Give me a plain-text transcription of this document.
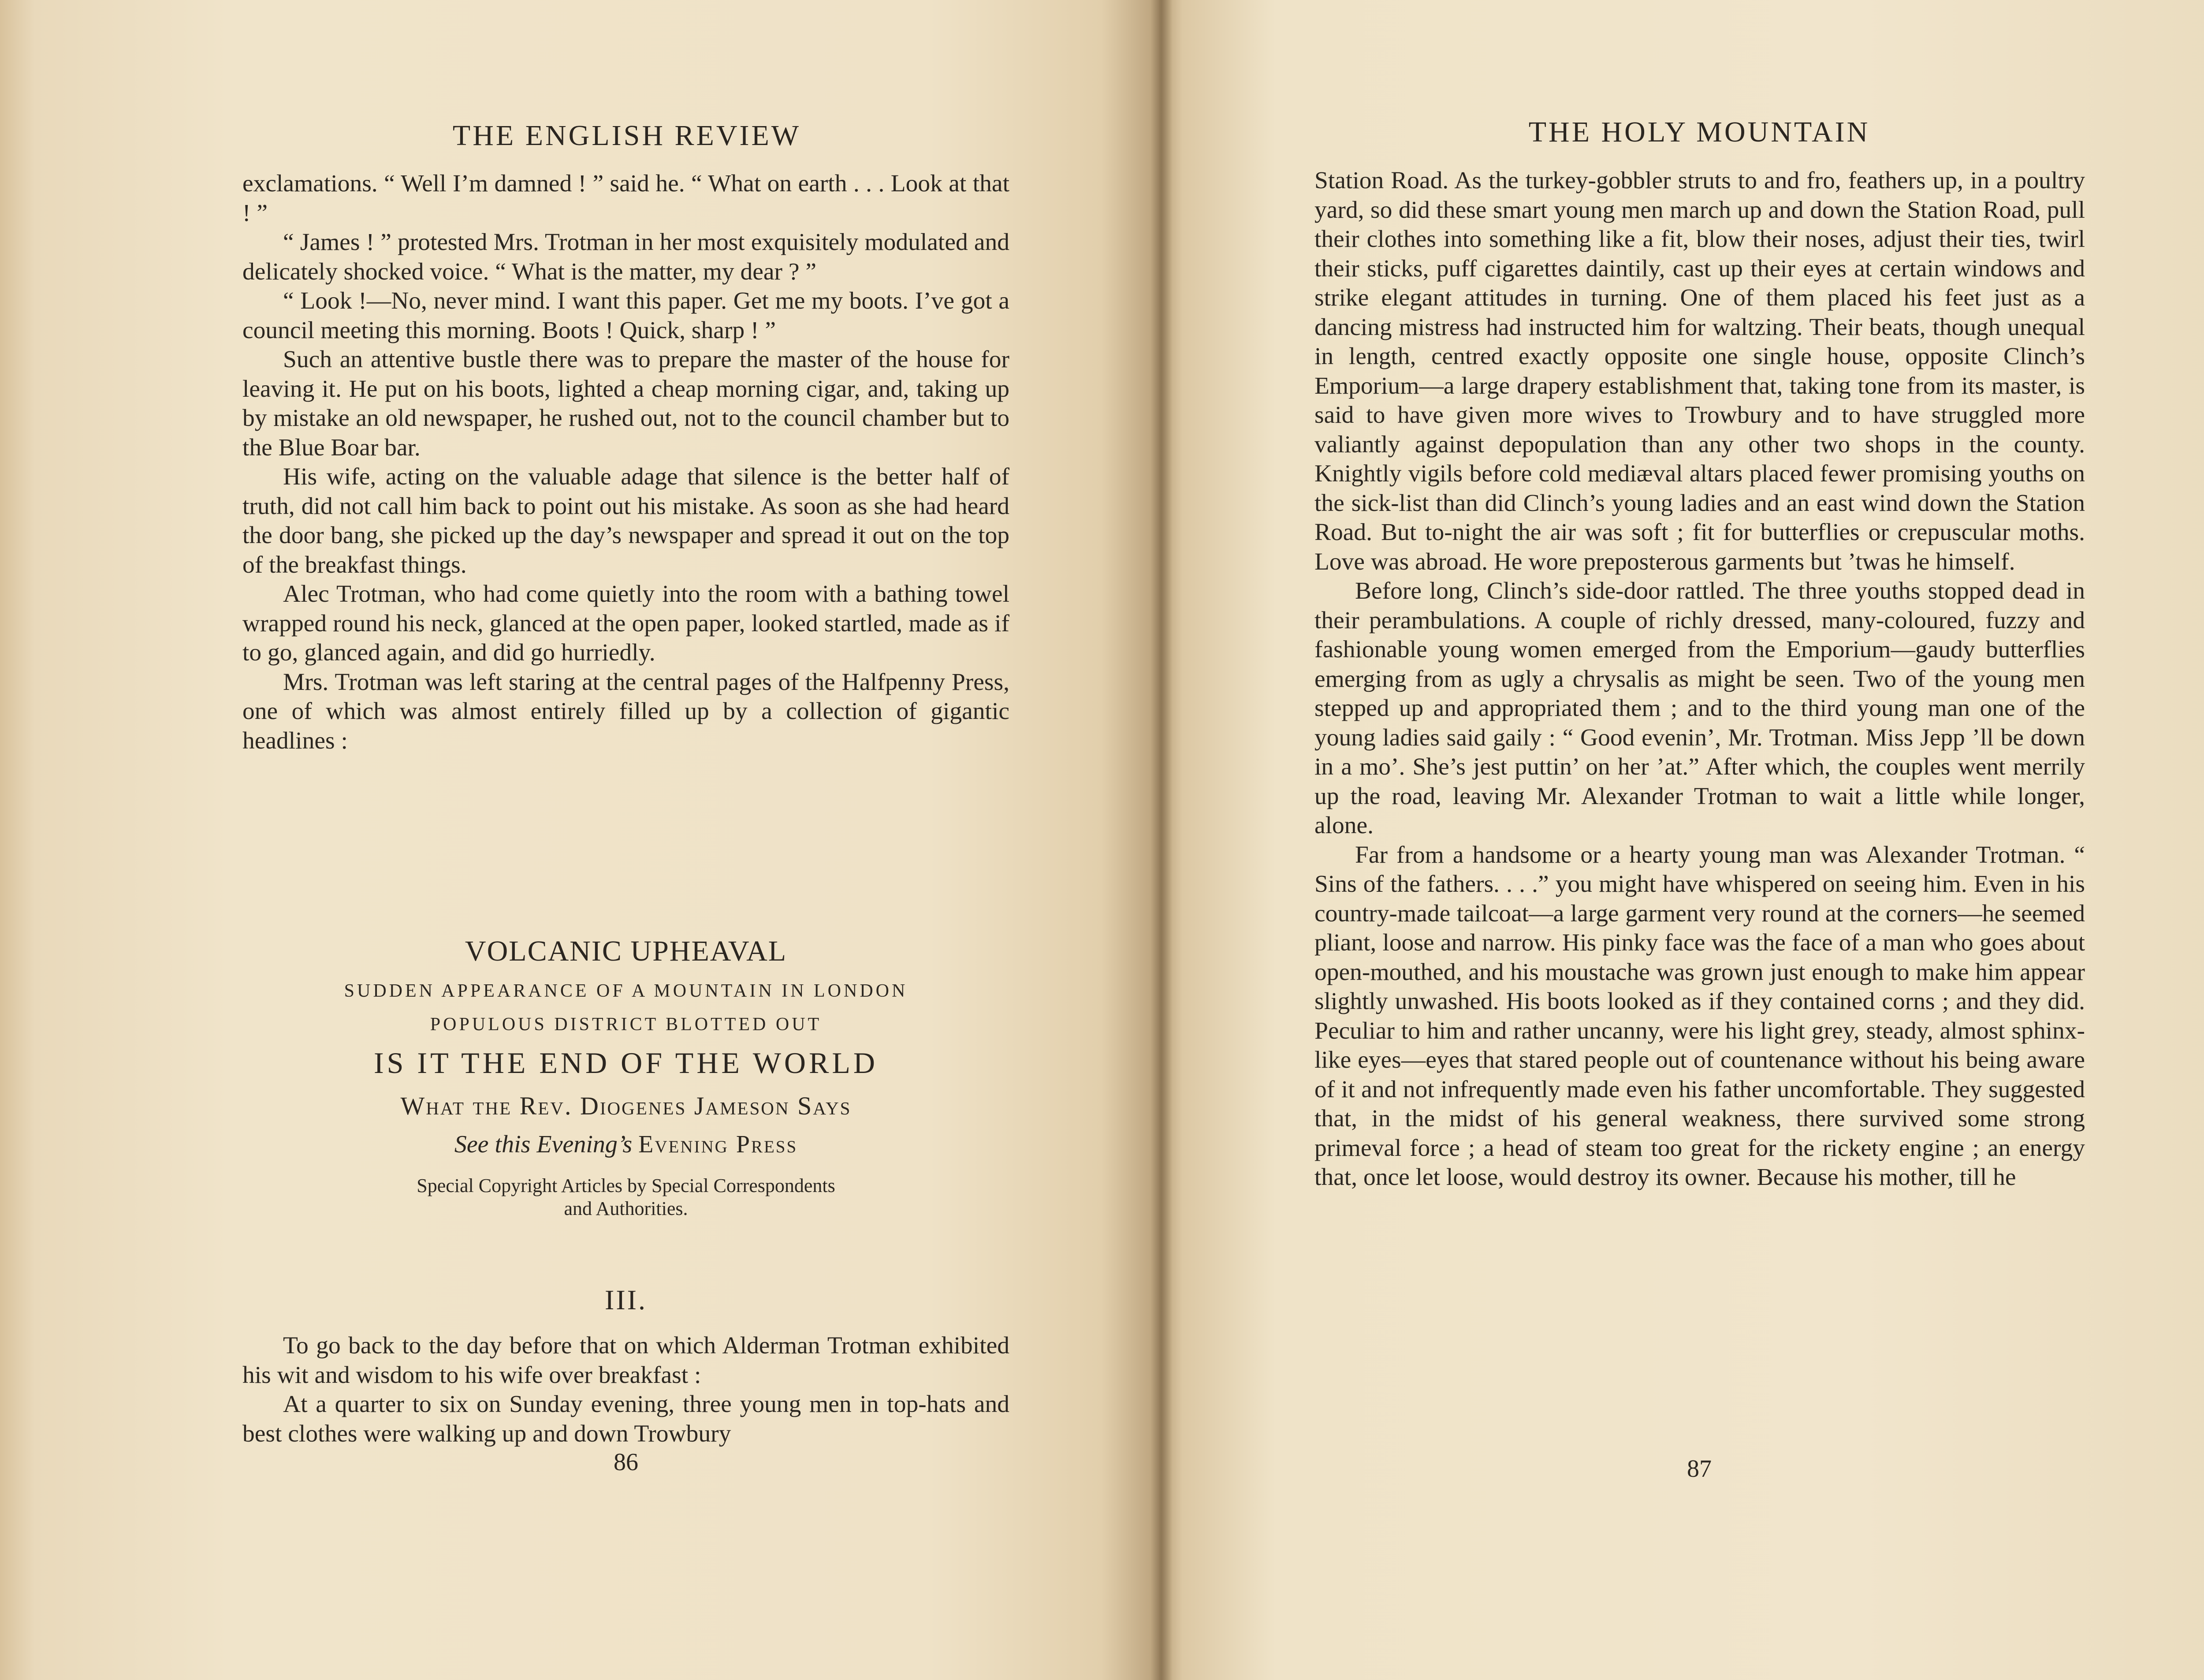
THE ENGLISH REVIEW

exclamations. “ Well I’m damned ! ” said he. “ What on earth . . . Look at that ! ”

“ James ! ” protested Mrs. Trotman in her most exquisitely modulated and delicately shocked voice. “ What is the matter, my dear ? ”

“ Look !—No, never mind. I want this paper. Get me my boots. I’ve got a council meeting this morning. Boots ! Quick, sharp ! ”

Such an attentive bustle there was to prepare the master of the house for leaving it. He put on his boots, lighted a cheap morning cigar, and, taking up by mistake an old newspaper, he rushed out, not to the council chamber but to the Blue Boar bar.

His wife, acting on the valuable adage that silence is the better half of truth, did not call him back to point out his mistake. As soon as she had heard the door bang, she picked up the day’s newspaper and spread it out on the top of the breakfast things.

Alec Trotman, who had come quietly into the room with a bathing towel wrapped round his neck, glanced at the open paper, looked startled, made as if to go, glanced again, and did go hurriedly.

Mrs. Trotman was left staring at the central pages of the Halfpenny Press, one of which was almost entirely filled up by a collection of gigantic headlines :

VOLCANIC UPHEAVAL
SUDDEN APPEARANCE OF A MOUNTAIN IN LONDON
POPULOUS DISTRICT BLOTTED OUT
IS IT THE END OF THE WORLD
What the Rev. Diogenes Jameson Says
See this Evening’s Evening Press
Special Copyright Articles by Special Correspondents
and Authorities.
III.

To go back to the day before that on which Alderman Trotman exhibited his wit and wisdom to his wife over breakfast :

At a quarter to six on Sunday evening, three young men in top-hats and best clothes were walking up and down Trowbury

86
THE HOLY MOUNTAIN

Station Road. As the turkey-gobbler struts to and fro, feathers up, in a poultry yard, so did these smart young men march up and down the Station Road, pull their clothes into something like a fit, blow their noses, adjust their ties, twirl their sticks, puff cigarettes daintily, cast up their eyes at certain windows and strike elegant attitudes in turning. One of them placed his feet just as a dancing mistress had instructed him for waltzing. Their beats, though unequal in length, centred exactly opposite one single house, opposite Clinch’s Emporium—a large drapery establishment that, taking tone from its master, is said to have given more wives to Trowbury and to have struggled more valiantly against depopulation than any other two shops in the county. Knightly vigils before cold mediæval altars placed fewer promising youths on the sick-list than did Clinch’s young ladies and an east wind down the Station Road. But to-night the air was soft ; fit for butterflies or crepuscular moths. Love was abroad. He wore preposterous garments but ’twas he himself.

Before long, Clinch’s side-door rattled. The three youths stopped dead in their perambulations. A couple of richly dressed, many-coloured, fuzzy and fashionable young women emerged from the Emporium—gaudy butterflies emerging from as ugly a chrysalis as might be seen. Two of the young men stepped up and appropriated them ; and to the third young man one of the young ladies said gaily : “ Good evenin’, Mr. Trotman. Miss Jepp ’ll be down in a mo’. She’s jest puttin’ on her ’at.” After which, the couples went merrily up the road, leaving Mr. Alexander Trotman to wait a little while longer, alone.

Far from a handsome or a hearty young man was Alexander Trotman. “ Sins of the fathers. . . .” you might have whispered on seeing him. Even in his country-made tailcoat—a large garment very round at the corners—he seemed pliant, loose and narrow. His pinky face was the face of a man who goes about open-mouthed, and his moustache was grown just enough to make him appear slightly unwashed. His boots looked as if they contained corns ; and they did. Peculiar to him and rather uncanny, were his light grey, steady, almost sphinx-like eyes—eyes that stared people out of countenance without his being aware of it and not infrequently made even his father uncomfortable. They suggested that, in the midst of his general weakness, there survived some strong primeval force ; a head of steam too great for the rickety engine ; an energy that, once let loose, would destroy its owner. Because his mother, till he

87
